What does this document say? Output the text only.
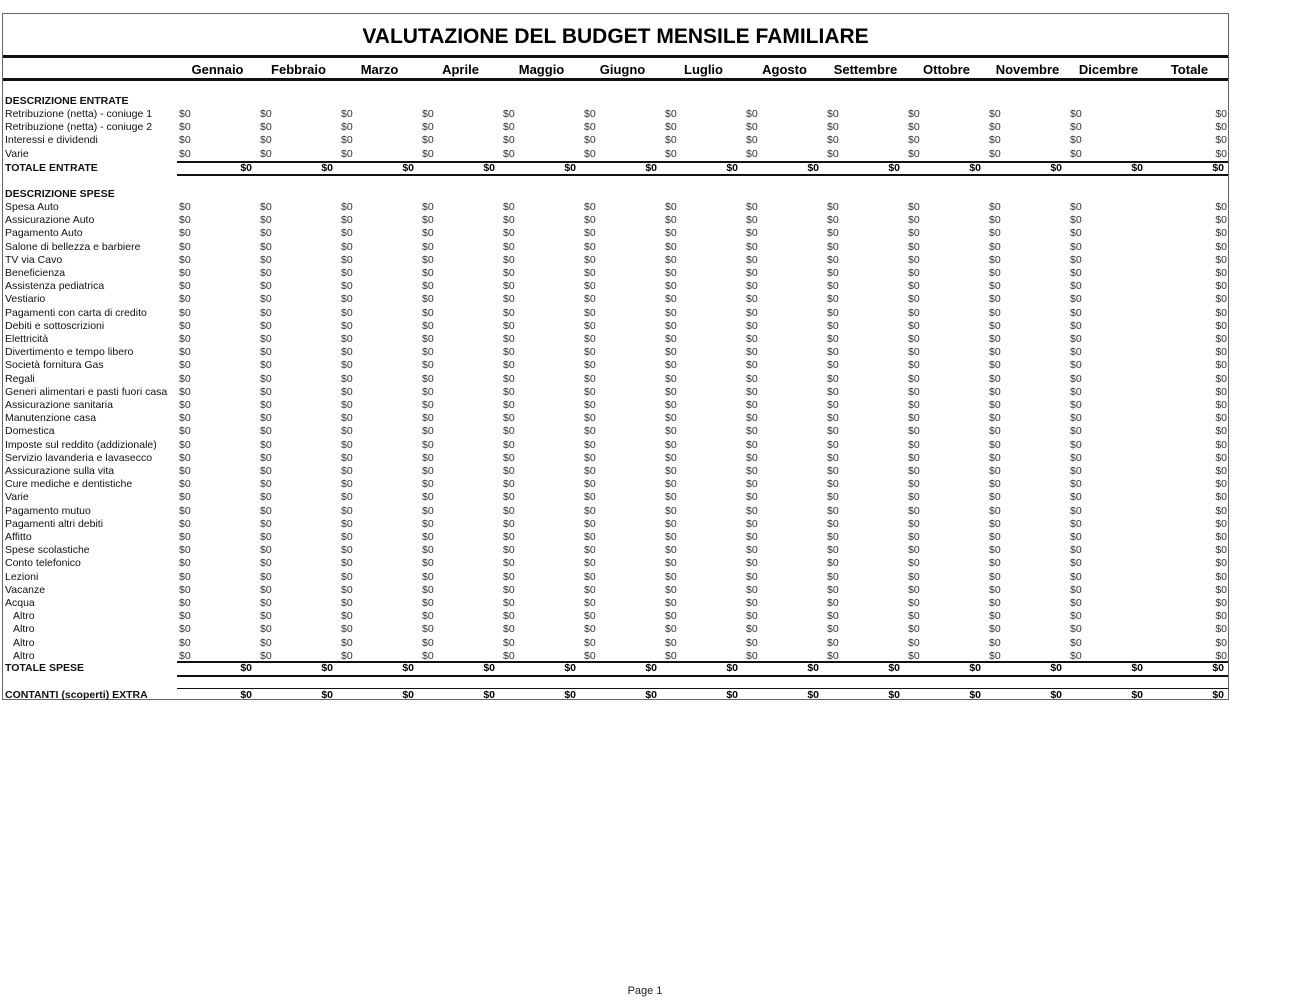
VALUTAZIONE DEL BUDGET MENSILE FAMILIARE
Gennaio	Febbraio	Marzo	Aprile	Maggio	Giugno	Luglio	Agosto	Settembre	Ottobre	Novembre	Dicembre	Totale
DESCRIZIONE ENTRATE
Retribuzione (netta) - coniuge 1	$0	$0	$0	$0	$0	$0	$0	$0	$0	$0	$0	$0	$0
Retribuzione (netta) - coniuge 2	$0	$0	$0	$0	$0	$0	$0	$0	$0	$0	$0	$0	$0
Interessi e dividendi	$0	$0	$0	$0	$0	$0	$0	$0	$0	$0	$0	$0	$0
Varie	$0	$0	$0	$0	$0	$0	$0	$0	$0	$0	$0	$0	$0
TOTALE ENTRATE	$0	$0	$0	$0	$0	$0	$0	$0	$0	$0	$0	$0	$0
DESCRIZIONE SPESE
Spesa Auto	$0	$0	$0	$0	$0	$0	$0	$0	$0	$0	$0	$0	$0
Assicurazione Auto	$0	$0	$0	$0	$0	$0	$0	$0	$0	$0	$0	$0	$0
Pagamento Auto	$0	$0	$0	$0	$0	$0	$0	$0	$0	$0	$0	$0	$0
Salone di bellezza e barbiere	$0	$0	$0	$0	$0	$0	$0	$0	$0	$0	$0	$0	$0
TV via Cavo	$0	$0	$0	$0	$0	$0	$0	$0	$0	$0	$0	$0	$0
Beneficienza	$0	$0	$0	$0	$0	$0	$0	$0	$0	$0	$0	$0	$0
Assistenza pediatrica	$0	$0	$0	$0	$0	$0	$0	$0	$0	$0	$0	$0	$0
Vestiario	$0	$0	$0	$0	$0	$0	$0	$0	$0	$0	$0	$0	$0
Pagamenti con carta di credito	$0	$0	$0	$0	$0	$0	$0	$0	$0	$0	$0	$0	$0
Debiti e sottoscrizioni	$0	$0	$0	$0	$0	$0	$0	$0	$0	$0	$0	$0	$0
Elettricità	$0	$0	$0	$0	$0	$0	$0	$0	$0	$0	$0	$0	$0
Divertimento e tempo libero	$0	$0	$0	$0	$0	$0	$0	$0	$0	$0	$0	$0	$0
Società fornitura Gas	$0	$0	$0	$0	$0	$0	$0	$0	$0	$0	$0	$0	$0
Regali	$0	$0	$0	$0	$0	$0	$0	$0	$0	$0	$0	$0	$0
Generi alimentari e pasti fuori casa $0	$0	$0	$0	$0	$0	$0	$0	$0	$0	$0	$0	$0
Assicurazione sanitaria	$0	$0	$0	$0	$0	$0	$0	$0	$0	$0	$0	$0	$0
Manutenzione casa	$0	$0	$0	$0	$0	$0	$0	$0	$0	$0	$0	$0	$0
Domestica	$0	$0	$0	$0	$0	$0	$0	$0	$0	$0	$0	$0	$0
Imposte sul reddito (addizionale) $0	$0	$0	$0	$0	$0	$0	$0	$0	$0	$0	$0	$0
Servizio lavanderia e lavasecco	$0	$0	$0	$0	$0	$0	$0	$0	$0	$0	$0	$0	$0
Assicurazione sulla vita	$0	$0	$0	$0	$0	$0	$0	$0	$0	$0	$0	$0	$0
Cure mediche e dentistiche	$0	$0	$0	$0	$0	$0	$0	$0	$0	$0	$0	$0	$0
Varie	$0	$0	$0	$0	$0	$0	$0	$0	$0	$0	$0	$0	$0
Pagamento mutuo	$0	$0	$0	$0	$0	$0	$0	$0	$0	$0	$0	$0	$0
Pagamenti altri debiti	$0	$0	$0	$0	$0	$0	$0	$0	$0	$0	$0	$0	$0
Affitto	$0	$0	$0	$0	$0	$0	$0	$0	$0	$0	$0	$0	$0
Spese scolastiche	$0	$0	$0	$0	$0	$0	$0	$0	$0	$0	$0	$0	$0
Conto telefonico	$0	$0	$0	$0	$0	$0	$0	$0	$0	$0	$0	$0	$0
Lezioni	$0	$0	$0	$0	$0	$0	$0	$0	$0	$0	$0	$0	$0
Vacanze	$0	$0	$0	$0	$0	$0	$0	$0	$0	$0	$0	$0	$0
Acqua	$0	$0	$0	$0	$0	$0	$0	$0	$0	$0	$0	$0	$0
Altro	$0	$0	$0	$0	$0	$0	$0	$0	$0	$0	$0	$0	$0
Altro	$0	$0	$0	$0	$0	$0	$0	$0	$0	$0	$0	$0	$0
Altro	$0	$0	$0	$0	$0	$0	$0	$0	$0	$0	$0	$0	$0
Altro	$0	$0	$0	$0	$0	$0	$0	$0	$0	$0	$0	$0	$0
TOTALE SPESE	$0	$0	$0	$0	$0	$0	$0	$0	$0	$0	$0	$0	$0
CONTANTI (scoperti) EXTRA	$0	$0	$0	$0	$0	$0	$0	$0	$0	$0	$0	$0	$0
Page 1
